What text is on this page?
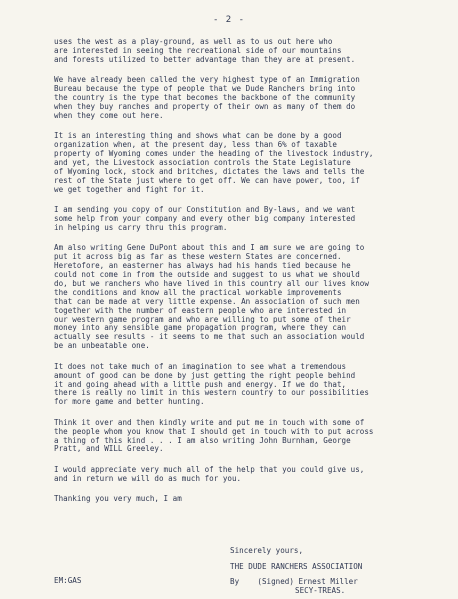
- 2 -
uses the west as a play-ground, as well as to us out here who
are interested in seeing the recreational side of our mountains
and forests utilized to better advantage than they are at present.
We have already been called the very highest type of an Immigration
Bureau because the type of people that we Dude Ranchers bring into
the country is the type that becomes the backbone of the community
when they buy ranches and property of their own as many of them do
when they come out here.
It is an interesting thing and shows what can be done by a good
organization when, at the present day, less than 6% of taxable
property of Wyoming comes under the heading of the livestock industry,
and yet, the Livestock association controls the State Legislature
of Wyoming lock, stock and britches, dictates the laws and tells the
rest of the State just where to get off. We can have power, too, if
we get together and fight for it.
I am sending you copy of our Constitution and By-laws, and we want
some help from your company and every other big company interested
in helping us carry thru this program.
Am also writing Gene DuPont about this and I am sure we are going to
put it across big as far as these western States are concerned.
Heretofore, an easterner has always had his hands tied because he
could not come in from the outside and suggest to us what we should
do, but we ranchers who have lived in this country all our lives know
the conditions and know all the practical workable improvements
that can be made at very little expense. An association of such men
together with the number of eastern people who are interested in
our western game program and who are willing to put some of their
money into any sensible game propagation program, where they can
actually see results - it seems to me that such an association would
be an unbeatable one.
It does not take much of an imagination to see what a tremendous
amount of good can be done by just getting the right people behind
it and going ahead with a little push and energy. If we do that,
there is really no limit in this western country to our possibilities
for more game and better hunting.
Think it over and then kindly write and put me in touch with some of
the people whom you know that I should get in touch with to put across
a thing of this kind . . . I am also writing John Burnham, George
Pratt, and WILL Greeley.
I would appreciate very much all of the help that you could give us,
and in return we will do as much for you.
Thanking you very much, I am
Sincerely yours,
THE DUDE RANCHERS ASSOCIATION
By    (Signed) Ernest Miller
SECY-TREAS.
EM:GAS
